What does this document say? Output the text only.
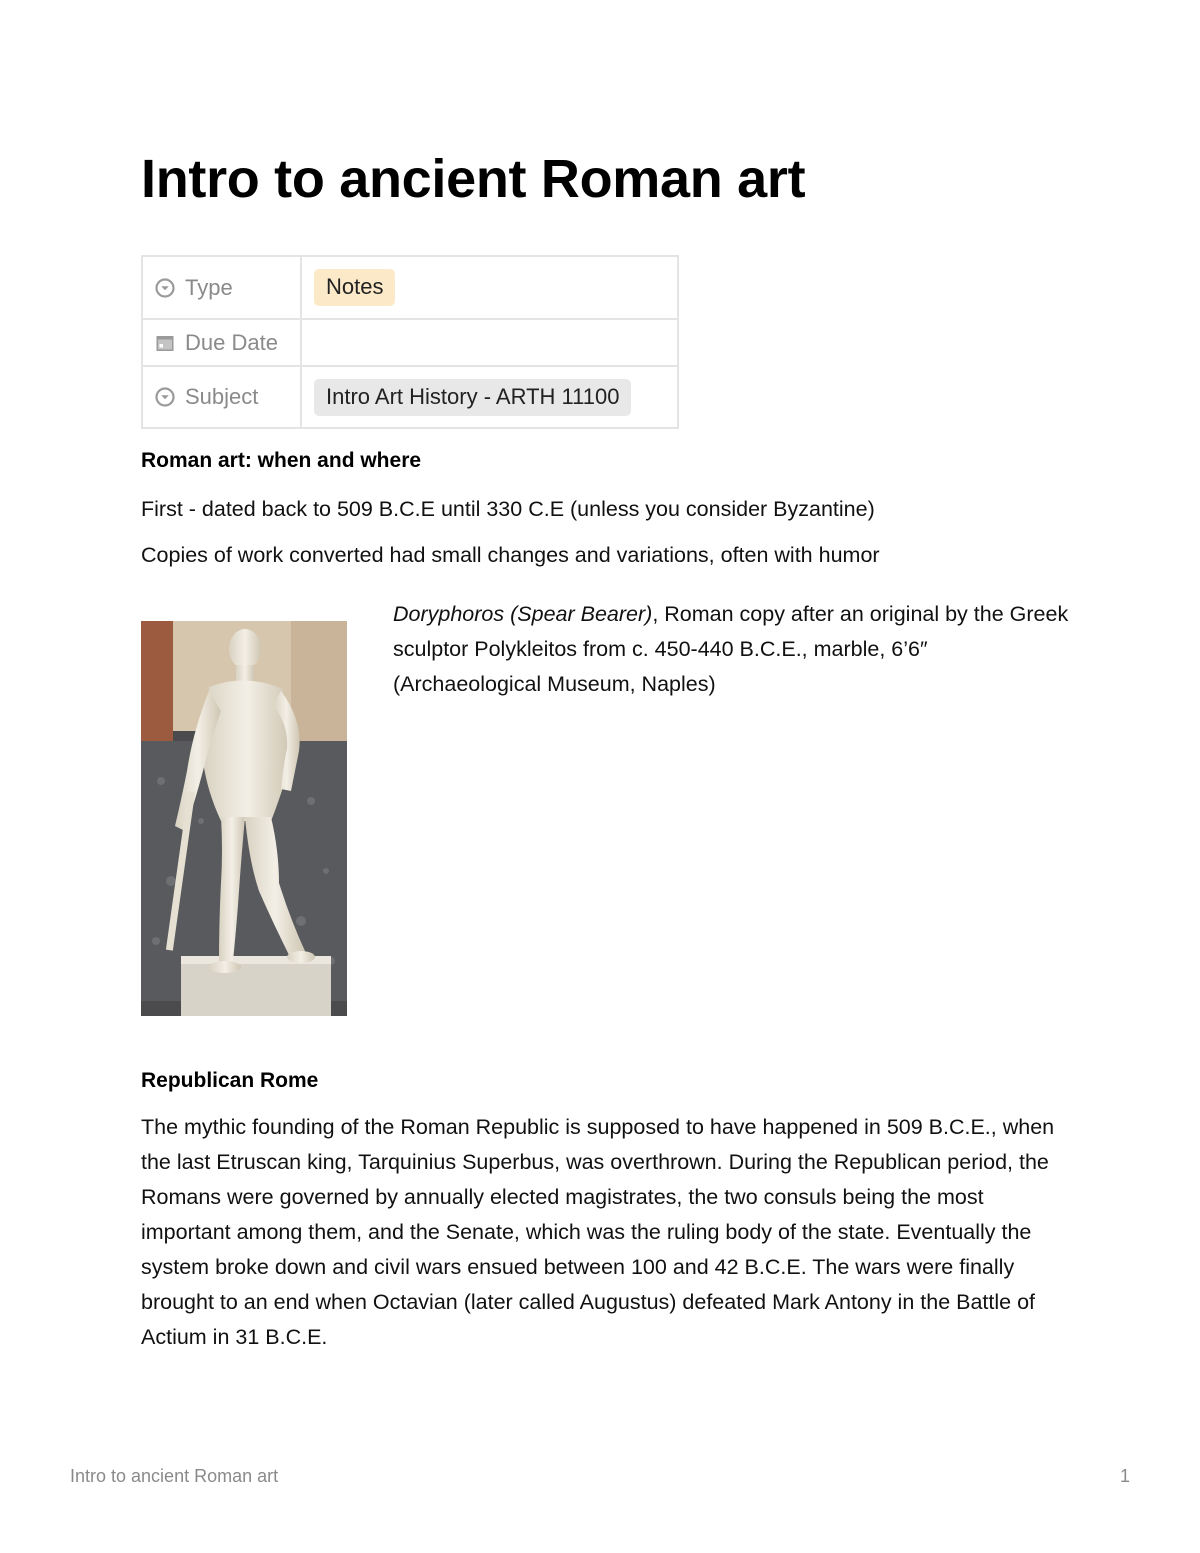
Intro to ancient Roman art
Type	Notes
Due Date	
Subject	Intro Art History - ARTH 11100
Roman art: when and where

First - dated back to 509 B.C.E until 330 C.E (unless you consider Byzantine)

Copies of work converted had small changes and variations, often with humor

Doryphoros (Spear Bearer), Roman copy after an original by the Greek sculptor Polykleitos from c. 450-440 B.C.E., marble, 6’6″ (Archaeological Museum, Naples)

Republican Rome

The mythic founding of the Roman Republic is supposed to have happened in 509 B.C.E., when the last Etruscan king, Tarquinius Superbus, was overthrown. During the Republican period, the Romans were governed by annually elected magistrates, the two consuls being the most important among them, and the Senate, which was the ruling body of the state. Eventually the system broke down and civil wars ensued between 100 and 42 B.C.E. The wars were finally brought to an end when Octavian (later called Augustus) defeated Mark Antony in the Battle of Actium in 31 B.C.E.

Intro to ancient Roman art	1
